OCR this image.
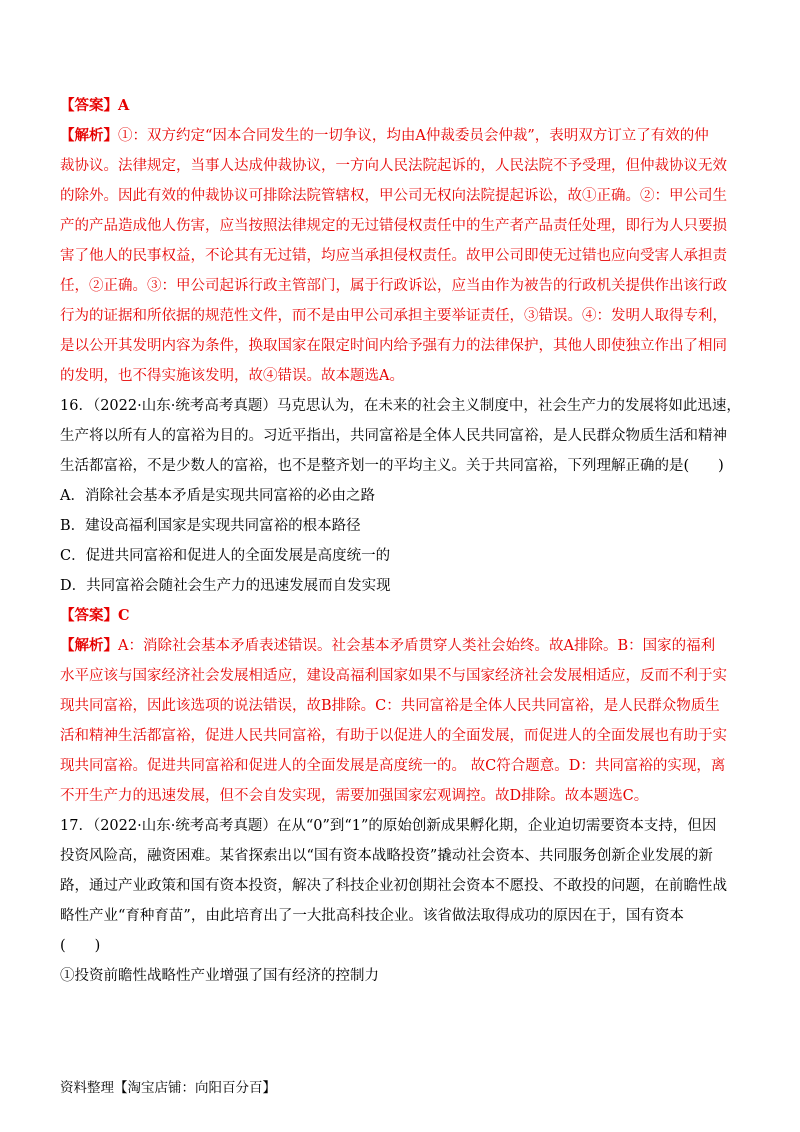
【答案】A
【解析】①：双方约定“因本合同发生的一切争议，均由A仲裁委员会仲裁”，表明双方订立了有效的仲
裁协议。法律规定，当事人达成仲裁协议，一方向人民法院起诉的，人民法院不予受理，但仲裁协议无效
的除外。因此有效的仲裁协议可排除法院管辖权，甲公司无权向法院提起诉讼，故①正确。②：甲公司生
产的产品造成他人伤害，应当按照法律规定的无过错侵权责任中的生产者产品责任处理，即行为人只要损
害了他人的民事权益，不论其有无过错，均应当承担侵权责任。故甲公司即使无过错也应向受害人承担责
任，②正确。③：甲公司起诉行政主管部门，属于行政诉讼，应当由作为被告的行政机关提供作出该行政
行为的证据和所依据的规范性文件，而不是由甲公司承担主要举证责任，③错误。④：发明人取得专利，
是以公开其发明内容为条件，换取国家在限定时间内给予强有力的法律保护，其他人即使独立作出了相同
的发明，也不得实施该发明，故④错误。故本题选A。
16．（2022·山东·统考高考真题）马克思认为，在未来的社会主义制度中，社会生产力的发展将如此迅速，
生产将以所有人的富裕为目的。习近平指出，共同富裕是全体人民共同富裕，是人民群众物质生活和精神
生活都富裕，不是少数人的富裕，也不是整齐划一的平均主义。关于共同富裕，下列理解正确的是(　　)
A．消除社会基本矛盾是实现共同富裕的必由之路
B．建设高福利国家是实现共同富裕的根本路径
C．促进共同富裕和促进人的全面发展是高度统一的
D．共同富裕会随社会生产力的迅速发展而自发实现
【答案】C
【解析】A：消除社会基本矛盾表述错误。社会基本矛盾贯穿人类社会始终。故A排除。B：国家的福利
水平应该与国家经济社会发展相适应，建设高福利国家如果不与国家经济社会发展相适应，反而不利于实
现共同富裕，因此该选项的说法错误，故B排除。C：共同富裕是全体人民共同富裕，是人民群众物质生
活和精神生活都富裕，促进人民共同富裕，有助于以促进人的全面发展，而促进人的全面发展也有助于实
现共同富裕。促进共同富裕和促进人的全面发展是高度统一的。 故C符合题意。D：共同富裕的实现，离
不开生产力的迅速发展，但不会自发实现，需要加强国家宏观调控。故D排除。故本题选C。
17．（2022·山东·统考高考真题）在从“0”到“1”的原始创新成果孵化期，企业迫切需要资本支持，但因
投资风险高，融资困难。某省探索出以“国有资本战略投资”撬动社会资本、共同服务创新企业发展的新
路，通过产业政策和国有资本投资，解决了科技企业初创期社会资本不愿投、不敢投的问题，在前瞻性战
略性产业“育种育苗”，由此培育出了一大批高科技企业。该省做法取得成功的原因在于，国有资本
(　　)
①投资前瞻性战略性产业增强了国有经济的控制力
资料整理【淘宝店铺：向阳百分百】
